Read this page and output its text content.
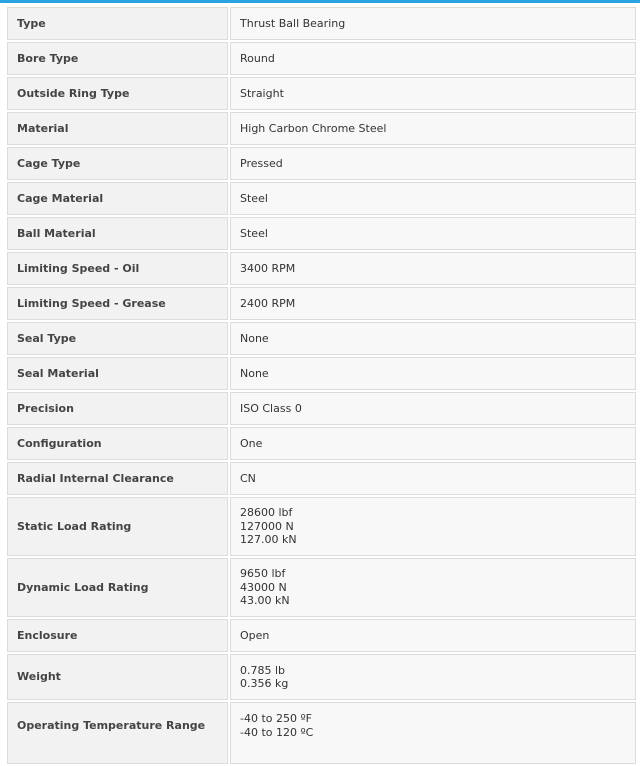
Type	Thrust Ball Bearing

Bore Type	Round

Outside Ring Type	Straight

Material	High Carbon Chrome Steel

Cage Type	Pressed

Cage Material	Steel

Ball Material	Steel

Limiting Speed - Oil	3400 RPM

Limiting Speed - Grease	2400 RPM

Seal Type	None

Seal Material	None

Precision	ISO Class 0

Configuration	One

Radial Internal Clearance	CN

Static Load Rating	28600 lbf
127000 N
127.00 kN

Dynamic Load Rating	9650 lbf
43000 N
43.00 kN

Enclosure	Open

Weight	0.785 lb
0.356 kg

Operating Temperature Range	-40 to 250 ºF
-40 to 120 ºC
